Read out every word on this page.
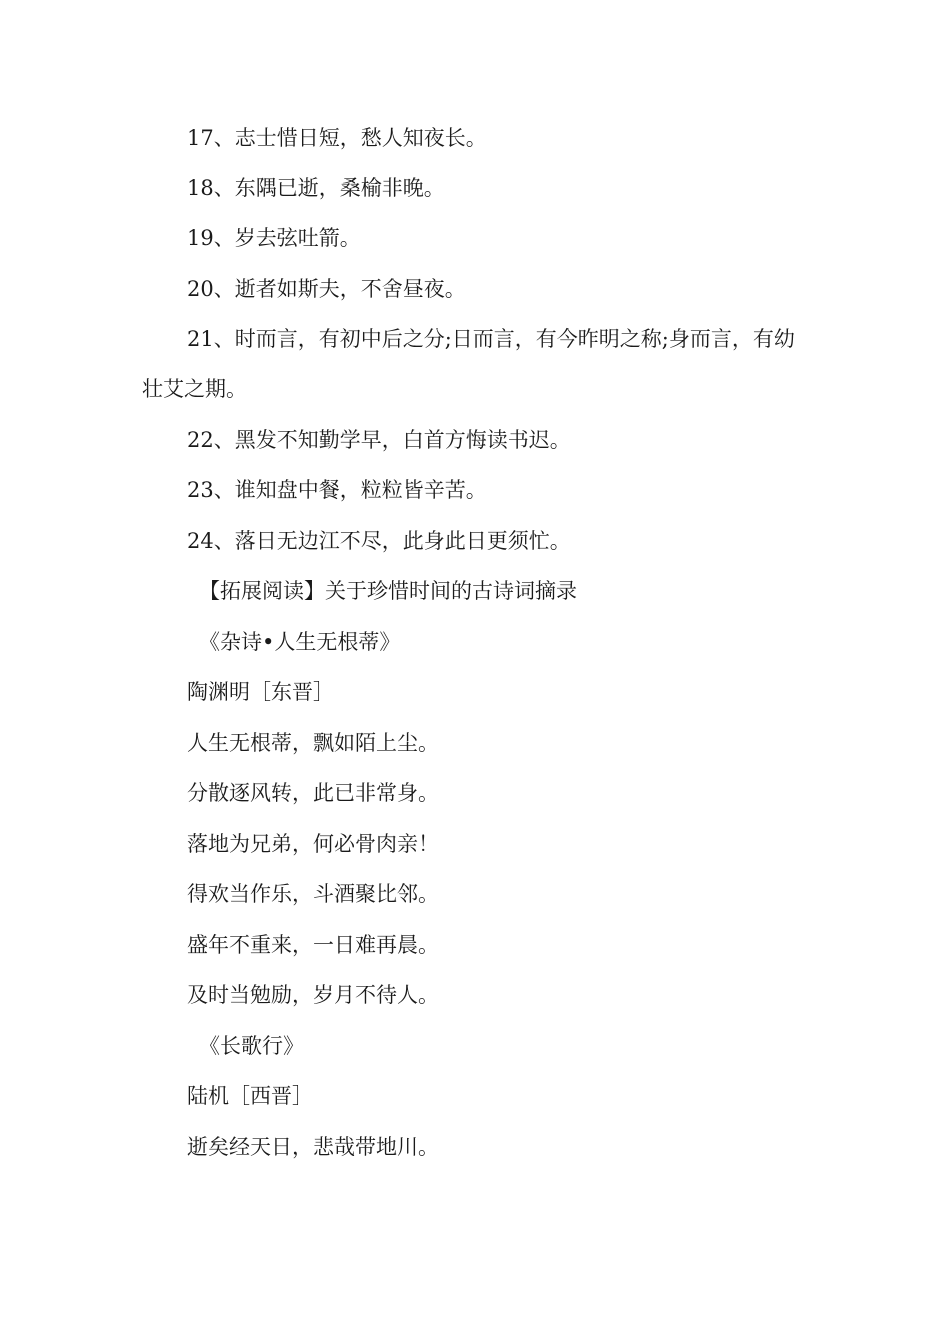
17、志士惜日短，愁人知夜长。

18、东隅已逝，桑榆非晚。

19、岁去弦吐箭。

20、逝者如斯夫，不舍昼夜。

21、时而言，有初中后之分;日而言，有今昨明之称;身而言，有幼壮艾之期。

22、黑发不知勤学早，白首方悔读书迟。

23、谁知盘中餐，粒粒皆辛苦。

24、落日无边江不尽，此身此日更须忙。

【拓展阅读】关于珍惜时间的古诗词摘录

《杂诗•人生无根蒂》

陶渊明［东晋］

人生无根蒂，飘如陌上尘。

分散逐风转，此已非常身。

落地为兄弟，何必骨肉亲！

得欢当作乐，斗酒聚比邻。

盛年不重来，一日难再晨。

及时当勉励，岁月不待人。

《长歌行》

陆机［西晋］

逝矣经天日，悲哉带地川。
